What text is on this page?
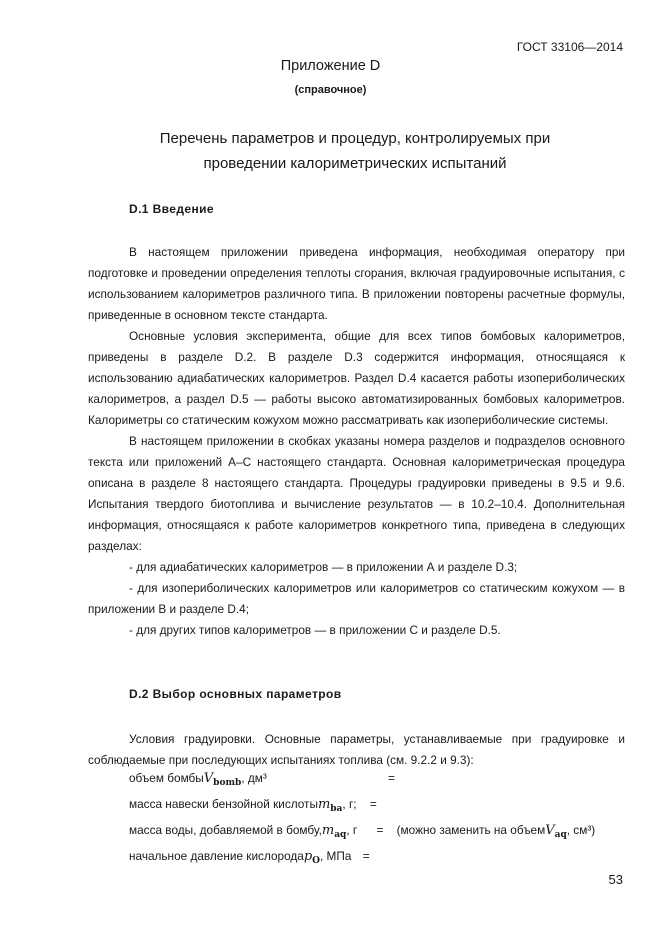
ГОСТ 33106—2014
Приложение D
(справочное)
Перечень параметров и процедур, контролируемых при
проведении калориметрических испытаний
D.1 Введение

В настоящем приложении приведена информация, необходимая оператору при подготовке и проведении определения теплоты сгорания, включая градуировочные испытания, с использованием калориметров различного типа. В приложении повторены расчетные формулы, приведенные в основном тексте стандарта.

Основные условия эксперимента, общие для всех типов бомбовых калориметров, приведены в разделе D.2. В разделе D.3 содержится информация, относящаяся к использованию адиабатических калориметров. Раздел D.4 касается работы изопериболических калориметров, а раздел D.5 — работы высоко автоматизированных бомбовых калориметров. Калориметры со статическим кожухом можно рассматривать как изопериболические системы.

В настоящем приложении в скобках указаны номера разделов и подразделов основного текста или приложений А–С настоящего стандарта. Основная калориметрическая процедура описана в разделе 8 настоящего стандарта. Процедуры градуировки приведены в 9.5 и 9.6. Испытания твердого биотоплива и вычисление результатов — в 10.2–10.4. Дополнительная информация, относящаяся к работе калориметров конкретного типа, приведена в следующих разделах:

- для адиабатических калориметров — в приложении А и разделе D.3;

- для изопериболических калориметров или калориметров со статическим кожухом — в приложении В и разделе D.4;

- для других типов калориметров — в приложении С и разделе D.5.

D.2 Выбор основных параметров

Условия градуировки. Основные параметры, устанавливаемые при градуировке и соблюдаемые при последующих испытаниях топлива (см. 9.2.2 и 9.3):

объем бомбыVbomb, дм³	=
масса навески бензойной кислотыmba, г; =
масса воды, добавляемой в бомбу,maq, г = (можно заменить на объемVaq, см³)
начальное давление кислородаpO, МПа =
53
